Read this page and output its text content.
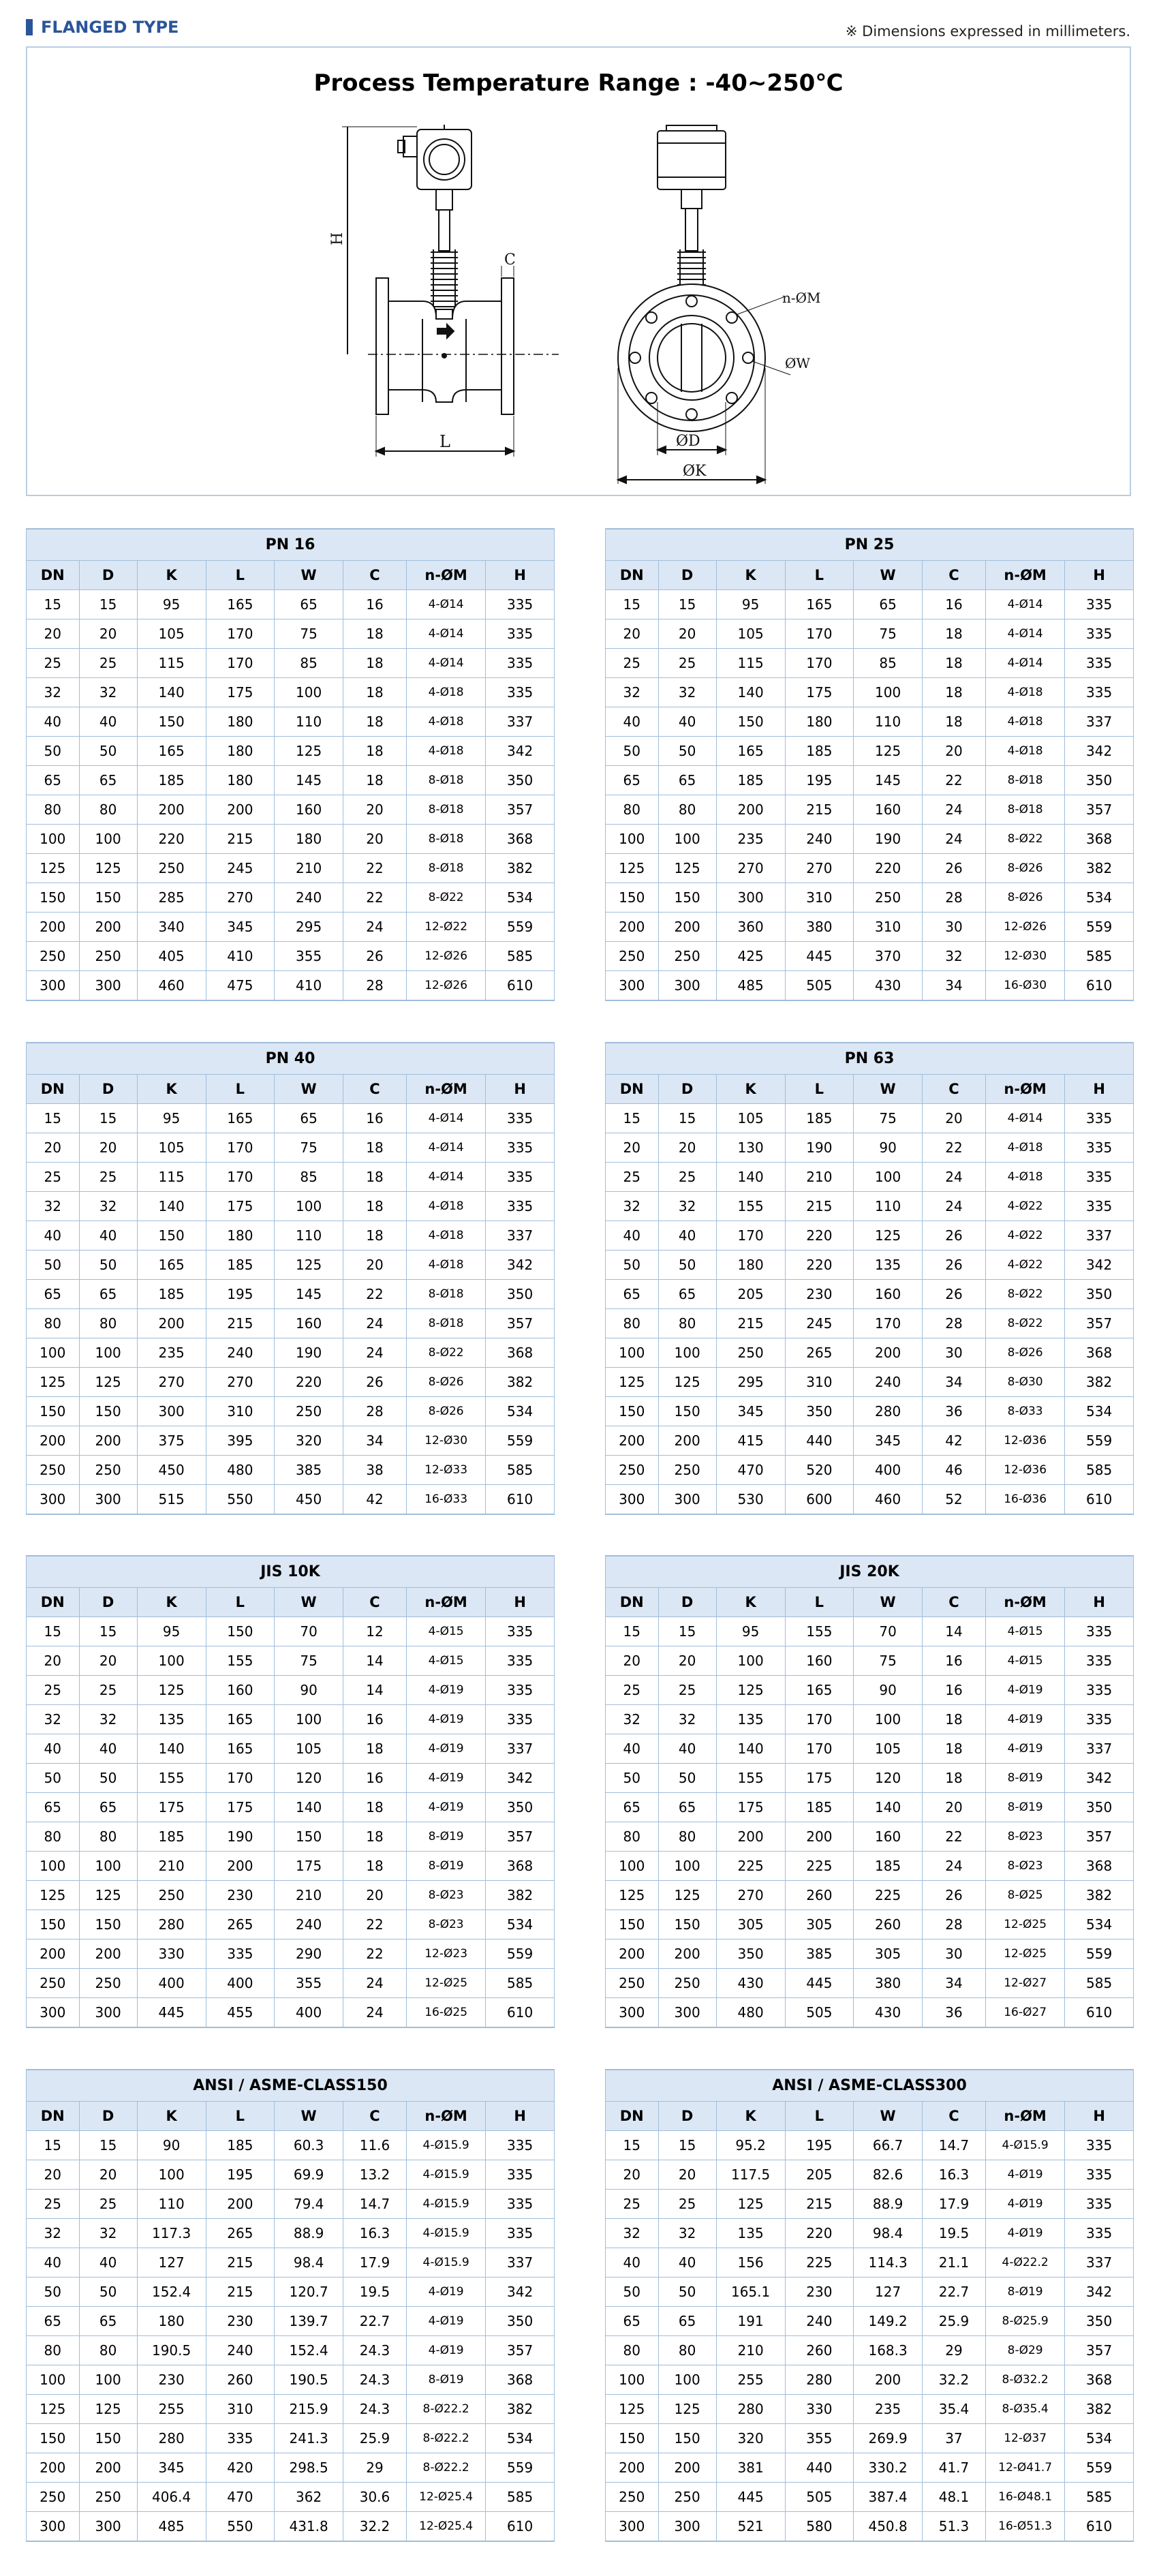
FLANGED TYPE	※ Dimensions expressed in millimeters.
Process Temperature Range : -40~250℃
H
C
L
n-ØM
ØW
ØD
ØK
PN 16							
DN	D	K	L	W	C	n-ØM	H
15	15	95	165	65	16	4-Ø14	335
20	20	105	170	75	18	4-Ø14	335
25	25	115	170	85	18	4-Ø14	335
32	32	140	175	100	18	4-Ø18	335
40	40	150	180	110	18	4-Ø18	337
50	50	165	180	125	18	4-Ø18	342
65	65	185	180	145	18	8-Ø18	350
80	80	200	200	160	20	8-Ø18	357
100	100	220	215	180	20	8-Ø18	368
125	125	250	245	210	22	8-Ø18	382
150	150	285	270	240	22	8-Ø22	534
200	200	340	345	295	24	12-Ø22	559
250	250	405	410	355	26	12-Ø26	585
300	300	460	475	410	28	12-Ø26	610
PN 25							
DN	D	K	L	W	C	n-ØM	H
15	15	95	165	65	16	4-Ø14	335
20	20	105	170	75	18	4-Ø14	335
25	25	115	170	85	18	4-Ø14	335
32	32	140	175	100	18	4-Ø18	335
40	40	150	180	110	18	4-Ø18	337
50	50	165	185	125	20	4-Ø18	342
65	65	185	195	145	22	8-Ø18	350
80	80	200	215	160	24	8-Ø18	357
100	100	235	240	190	24	8-Ø22	368
125	125	270	270	220	26	8-Ø26	382
150	150	300	310	250	28	8-Ø26	534
200	200	360	380	310	30	12-Ø26	559
250	250	425	445	370	32	12-Ø30	585
300	300	485	505	430	34	16-Ø30	610
PN 40							
DN	D	K	L	W	C	n-ØM	H
15	15	95	165	65	16	4-Ø14	335
20	20	105	170	75	18	4-Ø14	335
25	25	115	170	85	18	4-Ø14	335
32	32	140	175	100	18	4-Ø18	335
40	40	150	180	110	18	4-Ø18	337
50	50	165	185	125	20	4-Ø18	342
65	65	185	195	145	22	8-Ø18	350
80	80	200	215	160	24	8-Ø18	357
100	100	235	240	190	24	8-Ø22	368
125	125	270	270	220	26	8-Ø26	382
150	150	300	310	250	28	8-Ø26	534
200	200	375	395	320	34	12-Ø30	559
250	250	450	480	385	38	12-Ø33	585
300	300	515	550	450	42	16-Ø33	610
PN 63							
DN	D	K	L	W	C	n-ØM	H
15	15	105	185	75	20	4-Ø14	335
20	20	130	190	90	22	4-Ø18	335
25	25	140	210	100	24	4-Ø18	335
32	32	155	215	110	24	4-Ø22	335
40	40	170	220	125	26	4-Ø22	337
50	50	180	220	135	26	4-Ø22	342
65	65	205	230	160	26	8-Ø22	350
80	80	215	245	170	28	8-Ø22	357
100	100	250	265	200	30	8-Ø26	368
125	125	295	310	240	34	8-Ø30	382
150	150	345	350	280	36	8-Ø33	534
200	200	415	440	345	42	12-Ø36	559
250	250	470	520	400	46	12-Ø36	585
300	300	530	600	460	52	16-Ø36	610
JIS 10K							
DN	D	K	L	W	C	n-ØM	H
15	15	95	150	70	12	4-Ø15	335
20	20	100	155	75	14	4-Ø15	335
25	25	125	160	90	14	4-Ø19	335
32	32	135	165	100	16	4-Ø19	335
40	40	140	165	105	18	4-Ø19	337
50	50	155	170	120	16	4-Ø19	342
65	65	175	175	140	18	4-Ø19	350
80	80	185	190	150	18	8-Ø19	357
100	100	210	200	175	18	8-Ø19	368
125	125	250	230	210	20	8-Ø23	382
150	150	280	265	240	22	8-Ø23	534
200	200	330	335	290	22	12-Ø23	559
250	250	400	400	355	24	12-Ø25	585
300	300	445	455	400	24	16-Ø25	610
JIS 20K							
DN	D	K	L	W	C	n-ØM	H
15	15	95	155	70	14	4-Ø15	335
20	20	100	160	75	16	4-Ø15	335
25	25	125	165	90	16	4-Ø19	335
32	32	135	170	100	18	4-Ø19	335
40	40	140	170	105	18	4-Ø19	337
50	50	155	175	120	18	8-Ø19	342
65	65	175	185	140	20	8-Ø19	350
80	80	200	200	160	22	8-Ø23	357
100	100	225	225	185	24	8-Ø23	368
125	125	270	260	225	26	8-Ø25	382
150	150	305	305	260	28	12-Ø25	534
200	200	350	385	305	30	12-Ø25	559
250	250	430	445	380	34	12-Ø27	585
300	300	480	505	430	36	16-Ø27	610
ANSI / ASME-CLASS150							
DN	D	K	L	W	C	n-ØM	H
15	15	90	185	60.3	11.6	4-Ø15.9	335
20	20	100	195	69.9	13.2	4-Ø15.9	335
25	25	110	200	79.4	14.7	4-Ø15.9	335
32	32	117.3	265	88.9	16.3	4-Ø15.9	335
40	40	127	215	98.4	17.9	4-Ø15.9	337
50	50	152.4	215	120.7	19.5	4-Ø19	342
65	65	180	230	139.7	22.7	4-Ø19	350
80	80	190.5	240	152.4	24.3	4-Ø19	357
100	100	230	260	190.5	24.3	8-Ø19	368
125	125	255	310	215.9	24.3	8-Ø22.2	382
150	150	280	335	241.3	25.9	8-Ø22.2	534
200	200	345	420	298.5	29	8-Ø22.2	559
250	250	406.4	470	362	30.6	12-Ø25.4	585
300	300	485	550	431.8	32.2	12-Ø25.4	610
ANSI / ASME-CLASS300							
DN	D	K	L	W	C	n-ØM	H
15	15	95.2	195	66.7	14.7	4-Ø15.9	335
20	20	117.5	205	82.6	16.3	4-Ø19	335
25	25	125	215	88.9	17.9	4-Ø19	335
32	32	135	220	98.4	19.5	4-Ø19	335
40	40	156	225	114.3	21.1	4-Ø22.2	337
50	50	165.1	230	127	22.7	8-Ø19	342
65	65	191	240	149.2	25.9	8-Ø25.9	350
80	80	210	260	168.3	29	8-Ø29	357
100	100	255	280	200	32.2	8-Ø32.2	368
125	125	280	330	235	35.4	8-Ø35.4	382
150	150	320	355	269.9	37	12-Ø37	534
200	200	381	440	330.2	41.7	12-Ø41.7	559
250	250	445	505	387.4	48.1	16-Ø48.1	585
300	300	521	580	450.8	51.3	16-Ø51.3	610
